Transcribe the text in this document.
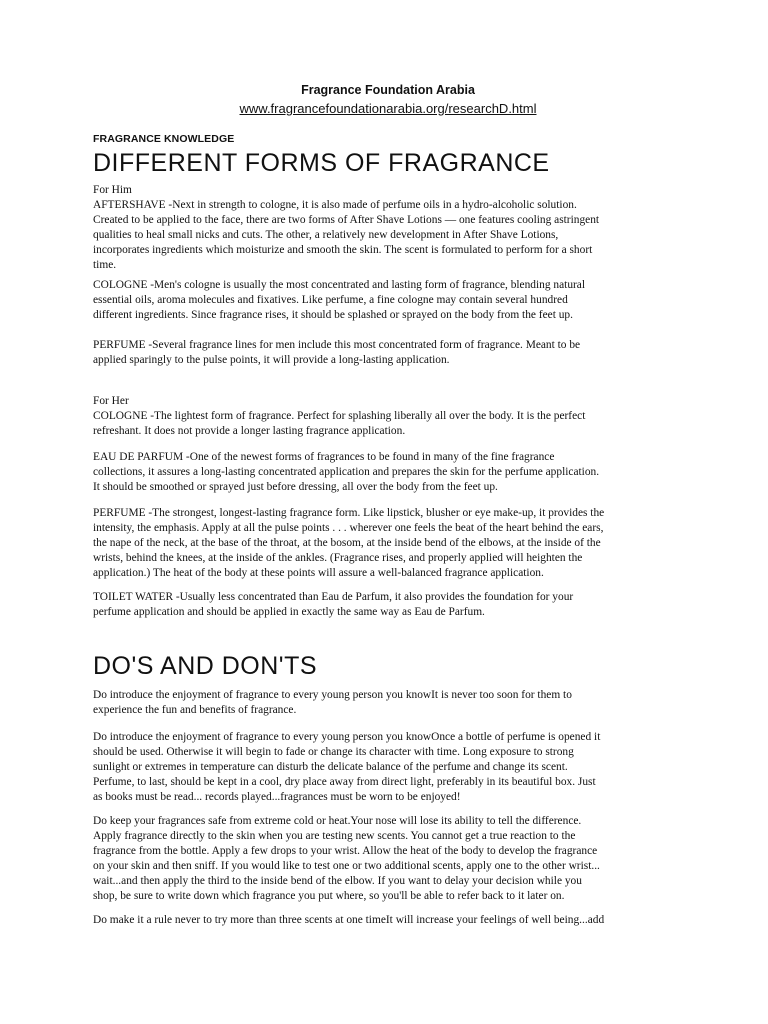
Fragrance Foundation Arabia
www.fragrancefoundationarabia.org/researchD.html
FRAGRANCE KNOWLEDGE
DIFFERENT FORMS OF FRAGRANCE
For Him
AFTERSHAVE -Next in strength to cologne, it is also made of perfume oils in a hydro-alcoholic solution.
Created to be applied to the face, there are two forms of After Shave Lotions — one features cooling astringent
qualities to heal small nicks and cuts. The other, a relatively new development in After Shave Lotions,
incorporates ingredients which moisturize and smooth the skin. The scent is formulated to perform for a short
time.
COLOGNE -Men's cologne is usually the most concentrated and lasting form of fragrance, blending natural
essential oils, aroma molecules and fixatives. Like perfume, a fine cologne may contain several hundred
different ingredients. Since fragrance rises, it should be splashed or sprayed on the body from the feet up.
PERFUME -Several fragrance lines for men include this most concentrated form of fragrance. Meant to be
applied sparingly to the pulse points, it will provide a long-lasting application.
For Her
COLOGNE -The lightest form of fragrance. Perfect for splashing liberally all over the body. It is the perfect
refreshant. It does not provide a longer lasting fragrance application.
EAU DE PARFUM -One of the newest forms of fragrances to be found in many of the fine fragrance
collections, it assures a long-lasting concentrated application and prepares the skin for the perfume application.
It should be smoothed or sprayed just before dressing, all over the body from the feet up.
PERFUME -The strongest, longest-lasting fragrance form. Like lipstick, blusher or eye make-up, it provides the
intensity, the emphasis. Apply at all the pulse points . . . wherever one feels the beat of the heart behind the ears,
the nape of the neck, at the base of the throat, at the bosom, at the inside bend of the elbows, at the inside of the
wrists, behind the knees, at the inside of the ankles. (Fragrance rises, and properly applied will heighten the
application.) The heat of the body at these points will assure a well-balanced fragrance application.
TOILET WATER -Usually less concentrated than Eau de Parfum, it also provides the foundation for your
perfume application and should be applied in exactly the same way as Eau de Parfum.
DO'S AND DON'TS
Do introduce the enjoyment of fragrance to every young person you knowIt is never too soon for them to
experience the fun and benefits of fragrance.
Do introduce the enjoyment of fragrance to every young person you knowOnce a bottle of perfume is opened it
should be used. Otherwise it will begin to fade or change its character with time. Long exposure to strong
sunlight or extremes in temperature can disturb the delicate balance of the perfume and change its scent.
Perfume, to last, should be kept in a cool, dry place away from direct light, preferably in its beautiful box. Just
as books must be read... records played...fragrances must be worn to be enjoyed!
Do keep your fragrances safe from extreme cold or heat.Your nose will lose its ability to tell the difference.
Apply fragrance directly to the skin when you are testing new scents. You cannot get a true reaction to the
fragrance from the bottle. Apply a few drops to your wrist. Allow the heat of the body to develop the fragrance
on your skin and then sniff. If you would like to test one or two additional scents, apply one to the other wrist...
wait...and then apply the third to the inside bend of the elbow. If you want to delay your decision while you
shop, be sure to write down which fragrance you put where, so you'll be able to refer back to it later on.
Do make it a rule never to try more than three scents at one timeIt will increase your feelings of well being...add
